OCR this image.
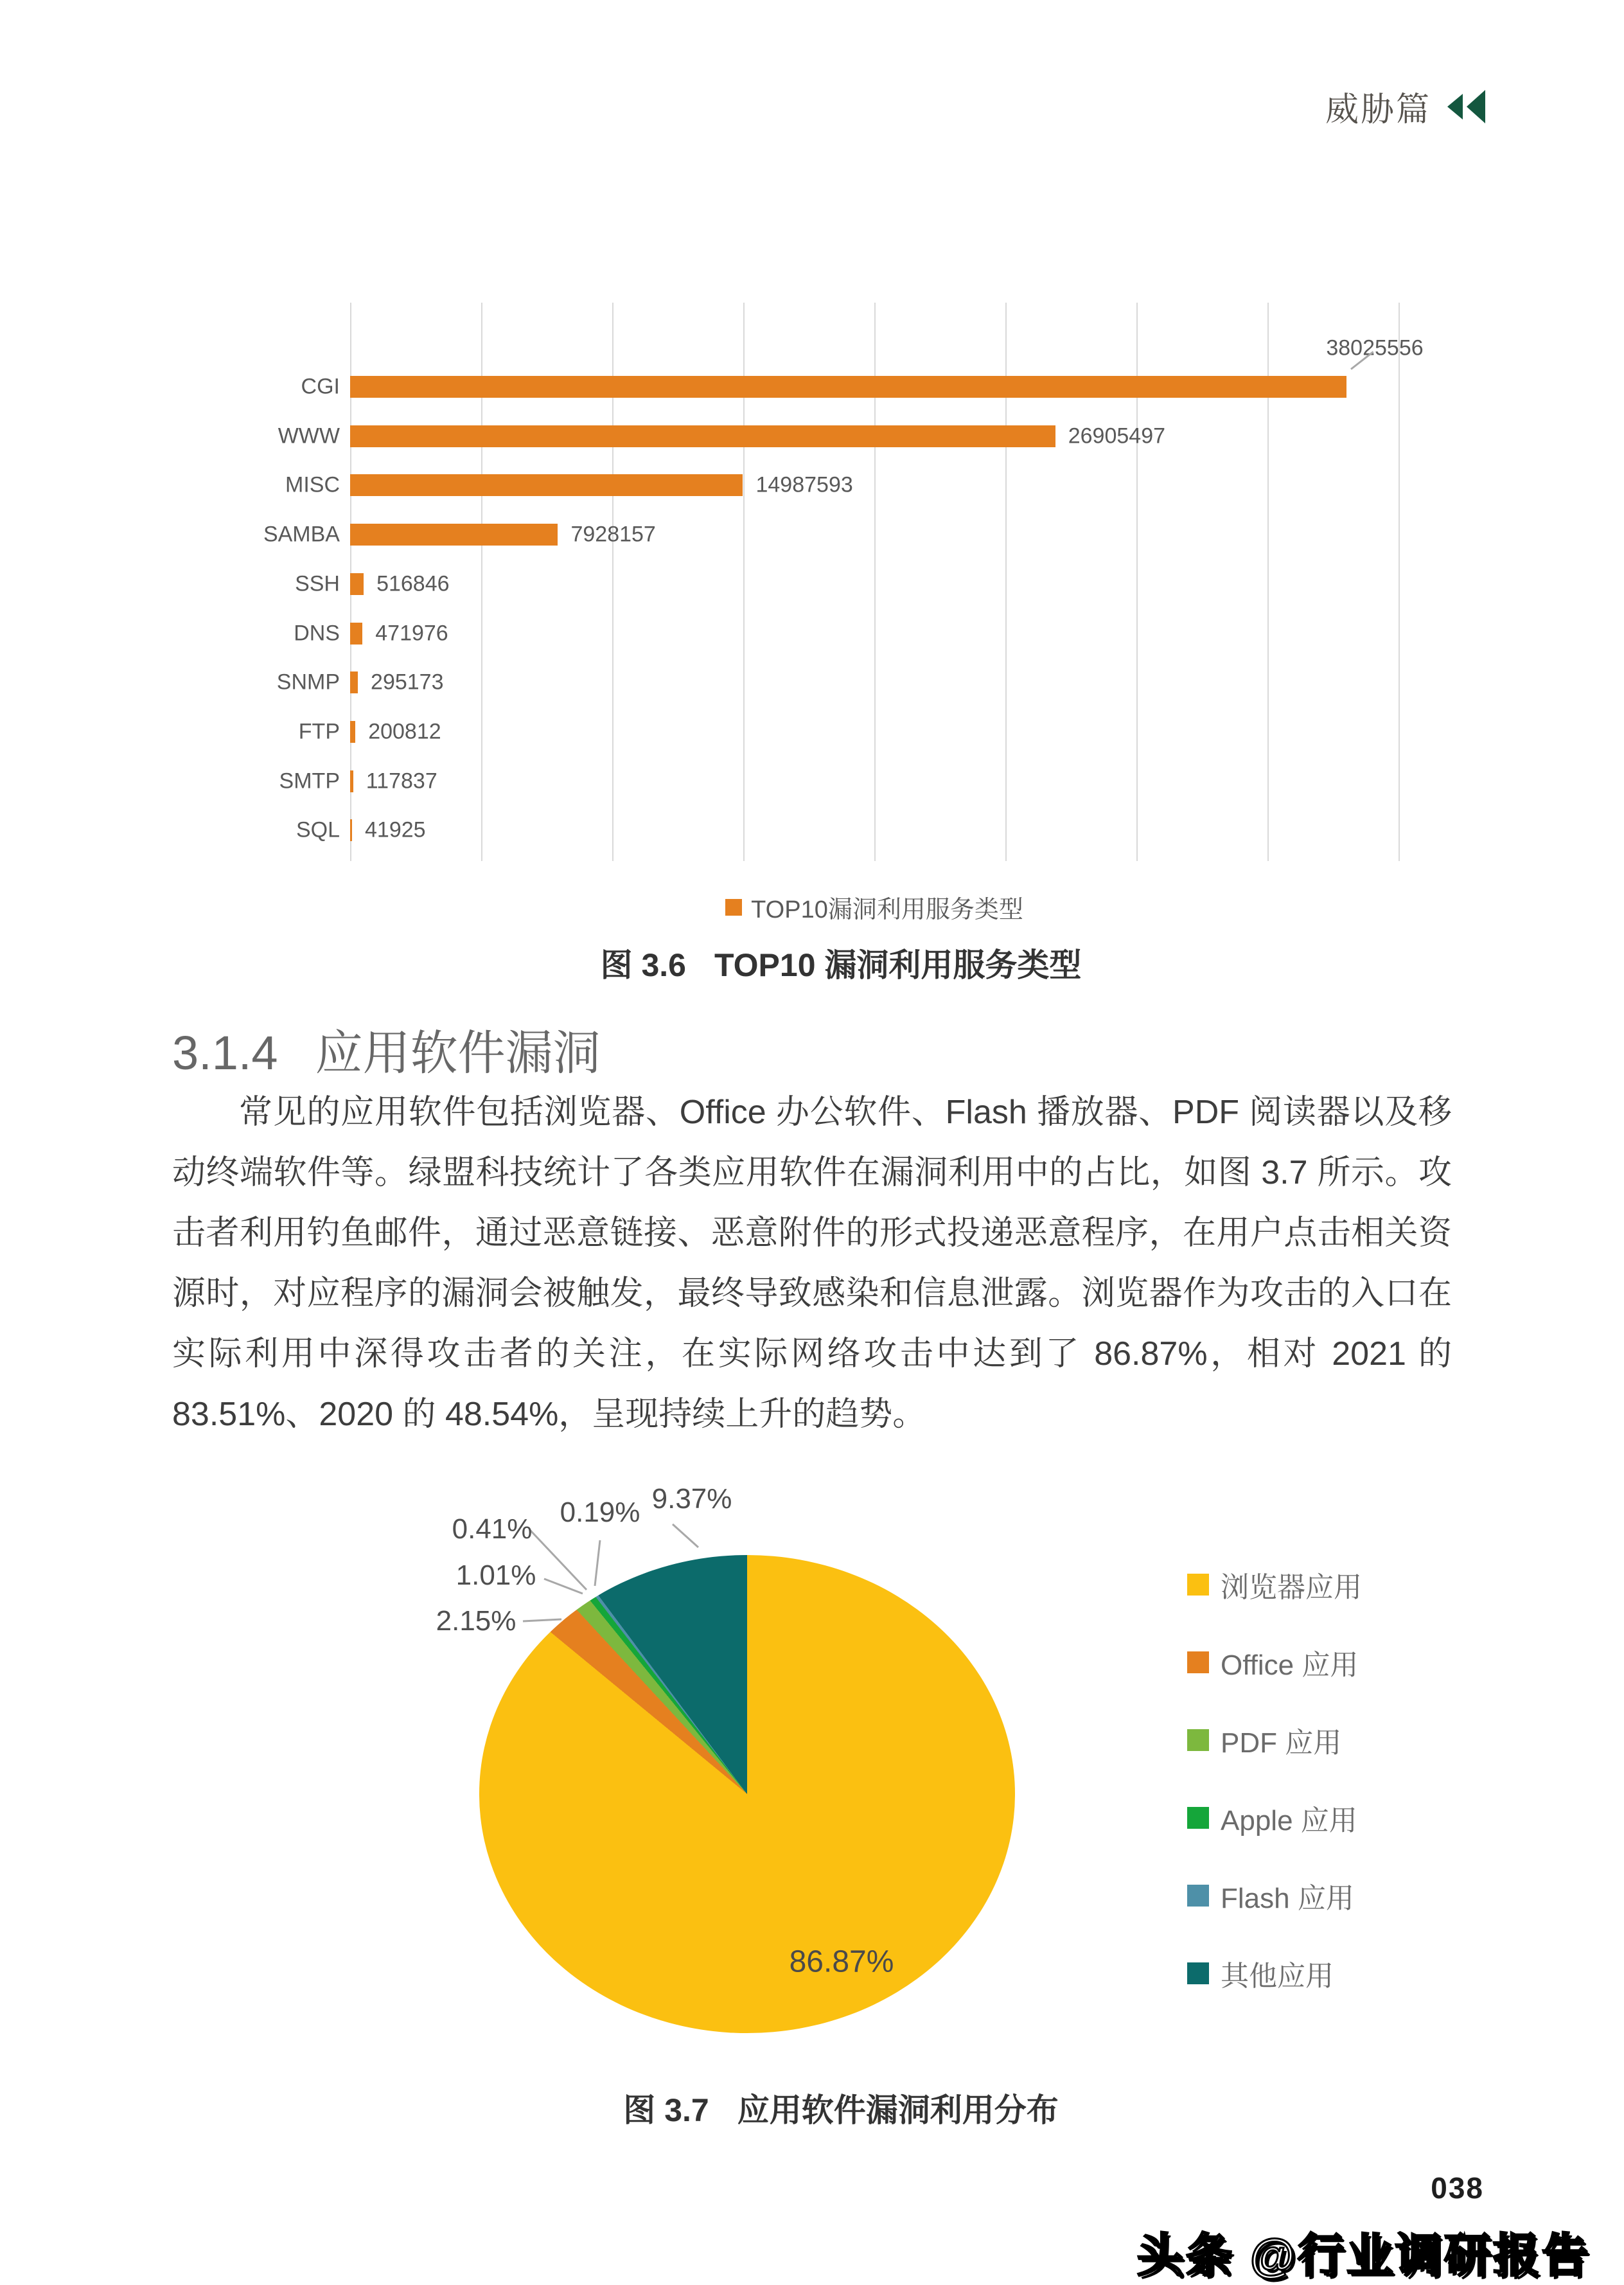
威胁篇
CGI
38025556
WWW	26905497
MISC	14987593
SAMBA	7928157
SSH 516846
DNS 471976
SNMP 295173
FTP 200812
SMTP 117837
SQL 41925
TOP10漏洞利用服务类型
图 3.6 TOP10 漏洞利用服务类型
3.1.4 应用软件漏洞

常见的应用软件包括浏览器、Office 办公软件、Flash 播放器、PDF 阅读器以及移动终端软件等。绿盟科技统计了各类应用软件在漏洞利用中的占比，如图 3.7 所示。攻击者利用钓鱼邮件，通过恶意链接、恶意附件的形式投递恶意程序，在用户点击相关资源时，对应程序的漏洞会被触发，最终导致感染和信息泄露。浏览器作为攻击的入口在实际利用中深得攻击者的关注，在实际网络攻击中达到了 86.87%，相对 2021 的 83.51%、2020 的 48.54%，呈现持续上升的趋势。

86.87%
2.15%
1.01%
0.41%
0.19% 9.37%
浏览器应用
Office 应用
PDF 应用
Apple 应用
Flash 应用
其他应用
图 3.7 应用软件漏洞利用分布
038
头条 @行业调研报告
